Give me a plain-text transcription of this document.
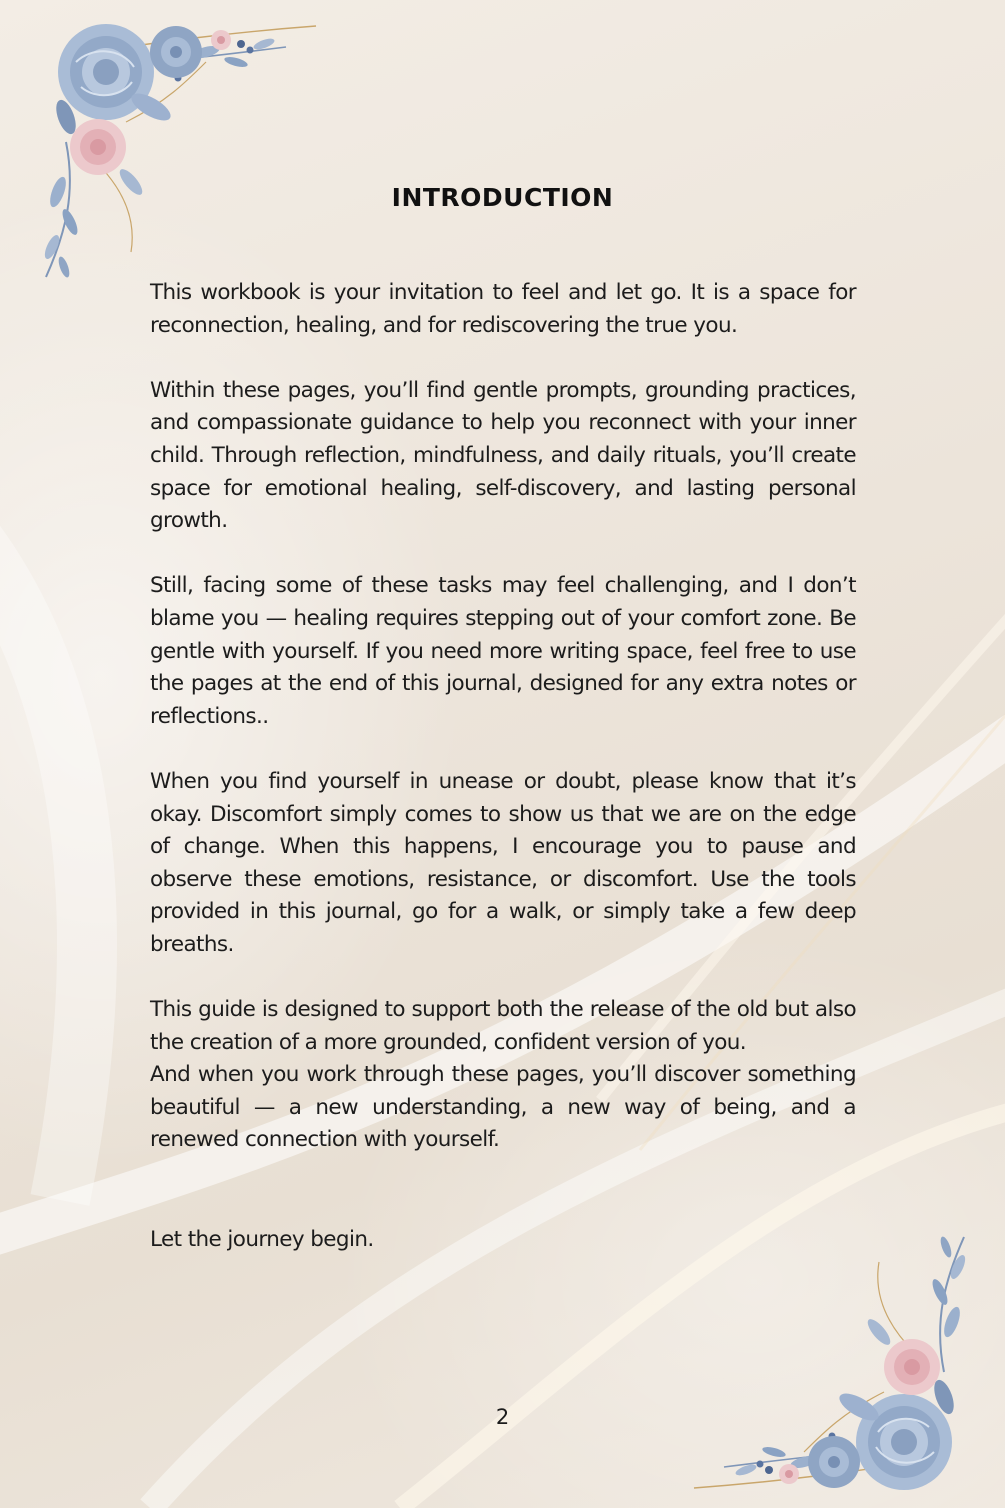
INTRODUCTION

This workbook is your invitation to feel and let go. It is a space for reconnection, healing, and for rediscovering the true you.

Within these pages, you’ll find gentle prompts, grounding practices, and compassionate guidance to help you reconnect with your inner child. Through reflection, mindfulness, and daily rituals, you’ll create space for emotional healing, self-discovery, and lasting personal growth.

Still, facing some of these tasks may feel challenging, and I don’t blame you — healing requires stepping out of your comfort zone. Be gentle with yourself. If you need more writing space, feel free to use the pages at the end of this journal, designed for any extra notes or reflections..

When you find yourself in unease or doubt, please know that it’s okay. Discomfort simply comes to show us that we are on the edge of change. When this happens, I encourage you to pause and observe these emotions, resistance, or discomfort. Use the tools provided in this journal, go for a walk, or simply take a few deep breaths.

This guide is designed to support both the release of the old but also the creation of a more grounded, confident version of you.

And when you work through these pages, you’ll discover something beautiful — a new understanding, a new way of being, and a renewed connection with yourself.

Let the journey begin.

2
